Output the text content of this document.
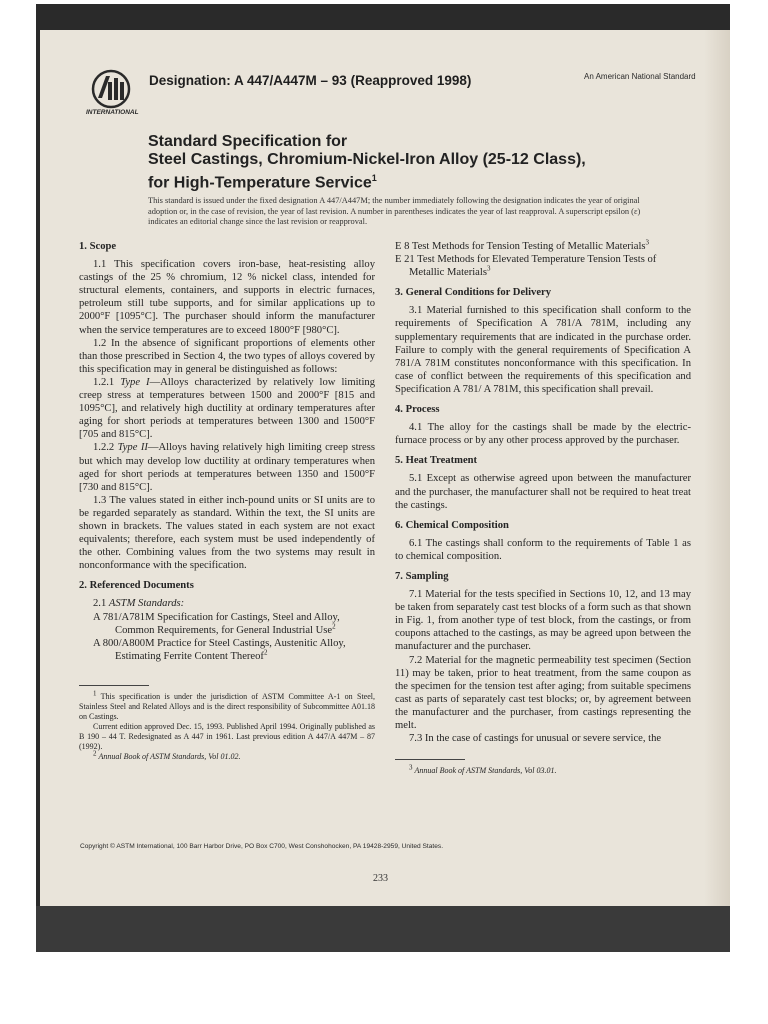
INTERNATIONAL
Designation: A 447/A447M – 93 (Reapproved 1998)	An American National Standard
Standard Specification for
Steel Castings, Chromium-Nickel-Iron Alloy (25-12 Class),
for High-Temperature Service$^1$
This standard is issued under the fixed designation A 447/A447M; the number immediately following the designation indicates the year of original adoption or, in the case of revision, the year of last revision. A number in parentheses indicates the year of last reapproval. A superscript epsilon (ε) indicates an editorial change since the last revision or reapproval.
1. Scope

1.1 This specification covers iron-base, heat-resisting alloy castings of the 25 % chromium, 12 % nickel class, intended for structural elements, containers, and supports in electric furnaces, petroleum still tube supports, and for similar applications up to 2000°F [1095°C]. The purchaser should inform the manufacturer when the service temperatures are to exceed 1800°F [980°C].

1.2 In the absence of significant proportions of elements other than those prescribed in Section 4, the two types of alloys covered by this specification may in general be distinguished as follows:

1.2.1 Type I—Alloys characterized by relatively low limiting creep stress at temperatures between 1500 and 2000°F [815 and 1095°C], and relatively high ductility at ordinary temperatures after aging for short periods at temperatures between 1300 and 1500°F [705 and 815°C].

1.2.2 Type II—Alloys having relatively high limiting creep stress but which may develop low ductility at ordinary temperatures when aged for short periods at temperatures between 1350 and 1500°F [730 and 815°C].

1.3 The values stated in either inch-pound units or SI units are to be regarded separately as standard. Within the text, the SI units are shown in brackets. The values stated in each system are not exact equivalents; therefore, each system must be used independently of the other. Combining values from the two systems may result in nonconformance with the specification.

2. Referenced Documents

2.1 ASTM Standards:

A 781/A781M Specification for Castings, Steel and Alloy, Common Requirements, for General Industrial Use$^2$

A 800/A800M Practice for Steel Castings, Austenitic Alloy, Estimating Ferrite Content Thereof$^2$

$^1$ This specification is under the jurisdiction of ASTM Committee A-1 on Steel, Stainless Steel and Related Alloys and is the direct responsibility of Subcommittee A01.18 on Castings.

Current edition approved Dec. 15, 1993. Published April 1994. Originally published as B 190 – 44 T. Redesignated as A 447 in 1961. Last previous edition A 447/A 447M – 87 (1992).

$^2$ Annual Book of ASTM Standards, Vol 01.02.

E 8 Test Methods for Tension Testing of Metallic Materials$^3$

E 21 Test Methods for Elevated Temperature Tension Tests of Metallic Materials$^3$

3. General Conditions for Delivery

3.1 Material furnished to this specification shall conform to the requirements of Specification A 781/A 781M, including any supplementary requirements that are indicated in the purchase order. Failure to comply with the general requirements of Specification A 781/A 781M constitutes nonconformance with this specification. In case of conflict between the requirements of this specification and Specification A 781/ A 781M, this specification shall prevail.

4. Process

4.1 The alloy for the castings shall be made by the electric-furnace process or by any other process approved by the purchaser.

5. Heat Treatment

5.1 Except as otherwise agreed upon between the manufacturer and the purchaser, the manufacturer shall not be required to heat treat the castings.

6. Chemical Composition

6.1 The castings shall conform to the requirements of Table 1 as to chemical composition.

7. Sampling

7.1 Material for the tests specified in Sections 10, 12, and 13 may be taken from separately cast test blocks of a form such as that shown in Fig. 1, from another type of test block, from the castings, or from coupons attached to the castings, as may be agreed upon between the manufacturer and the purchaser.

7.2 Material for the magnetic permeability test specimen (Section 11) may be taken, prior to heat treatment, from the same coupon as the specimen for the tension test after aging; from suitable specimens cast as parts of separately cast test blocks; or, by agreement between the manufacturer and the purchaser, from castings representing the melt.

7.3 In the case of castings for unusual or severe service, the

$^3$ Annual Book of ASTM Standards, Vol 03.01.

Copyright © ASTM International, 100 Barr Harbor Drive, PO Box C700, West Conshohocken, PA 19428-2959, United States.
233
